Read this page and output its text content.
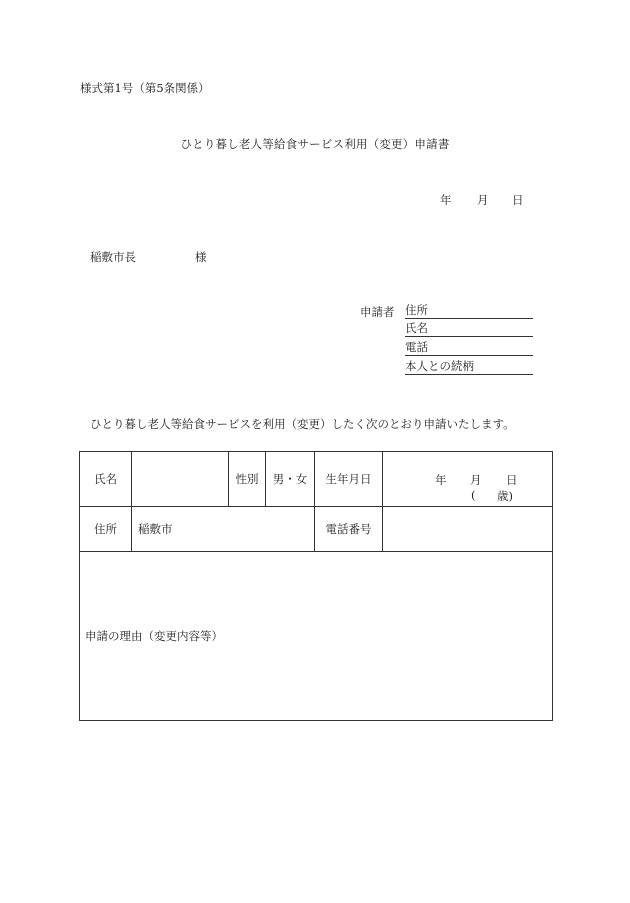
様式第1号（第5条関係）
ひとり暮し老人等給食サービス利用（変更）申請書
年 月 日
稲敷市長	様
申請者 住所
氏名
電話
本人との続柄
ひとり暮し老人等給食サービスを利用（変更）したく次のとおり申請いたします。
氏名		性別	男・女	生年月日	年 月 日
( 歳)

住所	稲敷市			電話番号	
申請の理由（変更内容等）					
